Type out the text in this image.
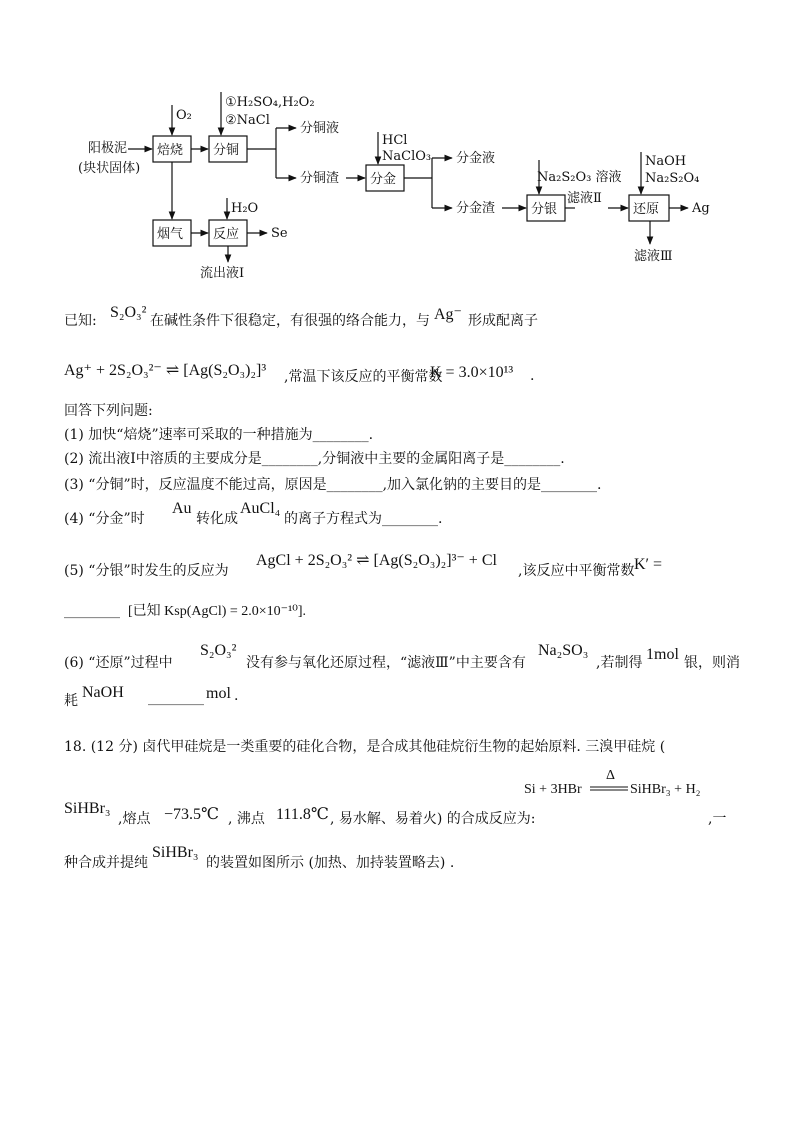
阳极泥
(块状固体)
O₂
焙烧
①H₂SO₄,H₂O₂
②NaCl
分铜
分铜液
分铜渣
HCl
NaClO₃
分金
分金液
分金渣
Na₂S₂O₃ 溶液
分银
滤液Ⅱ
NaOH
Na₂S₂O₄
还原	Ag
滤液Ⅲ
烟气
H₂O
反应 Se
流出液Ⅰ
已知: S₂O₃² 在碱性条件下很稳定，有很强的络合能力，与 Ag⁻ 形成配离子
Ag⁺ + 2S₂O₃²⁻ ⇌ [Ag(S₂O₃)₂]³ ,常温下该反应的平衡常数
K = 3.0×10¹³ .
回答下列问题:
(1) 加快“焙烧”速率可采取的一种措施为________.
(2) 流出液Ⅰ中溶质的主要成分是________,分铜液中主要的金属阳离子是________.
(3) “分铜”时，反应温度不能过高，原因是________,加入氯化钠的主要目的是________.
(4) “分金”时
Au
转化成
AuCl₄
的离子方程式为________.
(5) “分银”时发生的反应为
AgCl + 2S₂O₃² ⇌ [Ag(S₂O₃)₂]³⁻ + Cl
,该反应中平衡常数 K′ =
________ [已知 Ksp(AgCl) = 2.0×10⁻¹⁰].
(6) “还原”过程中
S₂O₃²
没有参与氧化还原过程，“滤液Ⅲ”中主要含有
Na₂SO₃
,若制得 1mol 银，则消
耗 NaOH ________ mol .
18. (12 分) 卤代甲硅烷是一类重要的硅化合物，是合成其他硅烷衍生物的起始原料. 三溴甲硅烷 (
Si + 3HBr
Δ
SiHBr₃ + H₂
SiHBr₃
,熔点 −73.5℃ , 沸点 111.8℃ , 易水解、易着火) 的合成反应为:	,一
种合成并提纯
SiHBr₃
的装置如图所示 (加热、加持装置略去) .
